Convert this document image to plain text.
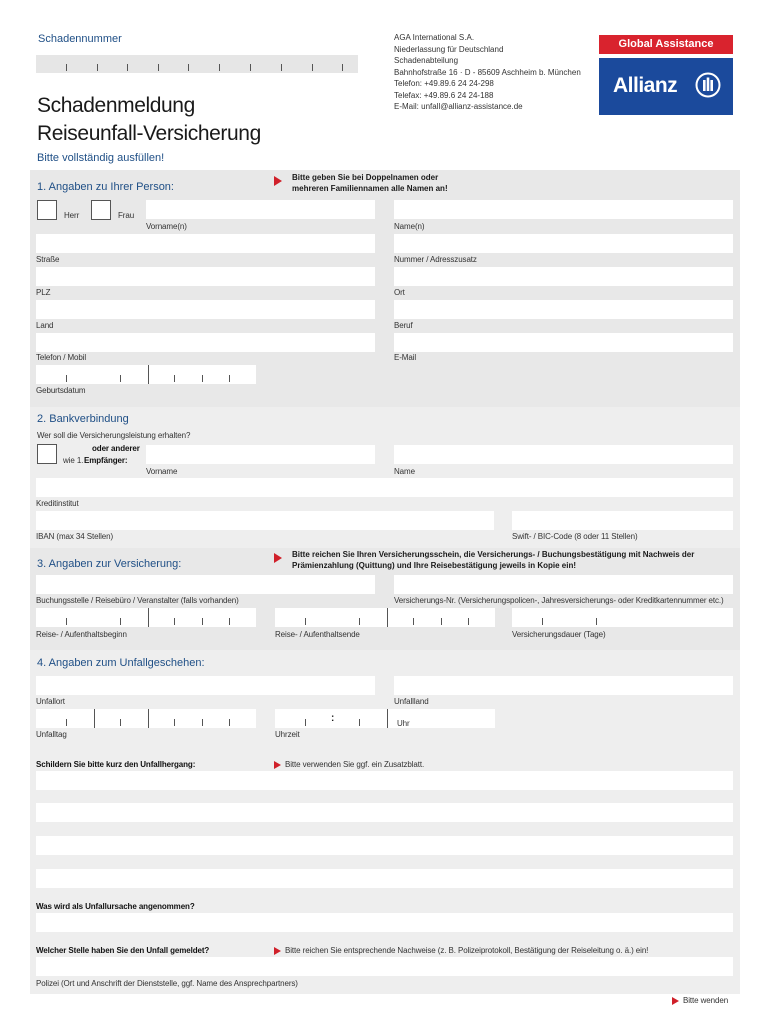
Schadennummer	AGA International S.A.
Niederlassung für Deutschland
Schadenabteilung
Bahnhofstraße 16 · D - 85609 Aschheim b. München
Telefon: +49.89.6 24 24-298
Telefax: +49.89.6 24 24-188
E-Mail: unfall@allianz-assistance.de
Global Assistance
Allianz
Schadenmeldung
Reiseunfall-Versicherung
Bitte vollständig ausfüllen!
1. Angaben zu Ihrer Person:
Bitte geben Sie bei Doppelnamen oder
mehreren Familiennamen alle Namen an!
Herr	Frau
Vorname(n)	Name(n)
Straße	Nummer / Adresszusatz
PLZ	Ort
Land	Beruf
Telefon / Mobil	E-Mail
Geburtsdatum
2. Bankverbindung
Wer soll die Versicherungsleistung erhalten?
oder anderer
wie 1. Empfänger:
Vorname	Name
Kreditinstitut
IBAN (max 34 Stellen)	Swift- / BIC-Code (8 oder 11 Stellen)
3. Angaben zur Versicherung:
Bitte reichen Sie Ihren Versicherungsschein, die Versicherungs- / Buchungsbestätigung mit Nachweis der
Prämienzahlung (Quittung) und Ihre Reisebestätigung jeweils in Kopie ein!
Buchungsstelle / Reisebüro / Veranstalter (falls vorhanden)	Versicherungs-Nr. (Versicherungspolicen-, Jahresversicherungs- oder Kreditkartennummer etc.)
Reise- / Aufenthaltsbeginn	Reise- / Aufenthaltsende	Versicherungsdauer (Tage)
4. Angaben zum Unfallgeschehen:
Unfallort	Unfallland
:	Uhr
Unfalltag	Uhrzeit
Schildern Sie bitte kurz den Unfallhergang:	Bitte verwenden Sie ggf. ein Zusatzblatt.
Was wird als Unfallursache angenommen?
Welcher Stelle haben Sie den Unfall gemeldet?	Bitte reichen Sie entsprechende Nachweise (z. B. Polizeiprotokoll, Bestätigung der Reiseleitung o. ä.) ein!
Polizei (Ort und Anschrift der Dienststelle, ggf. Name des Ansprechpartners)
Bitte wenden
